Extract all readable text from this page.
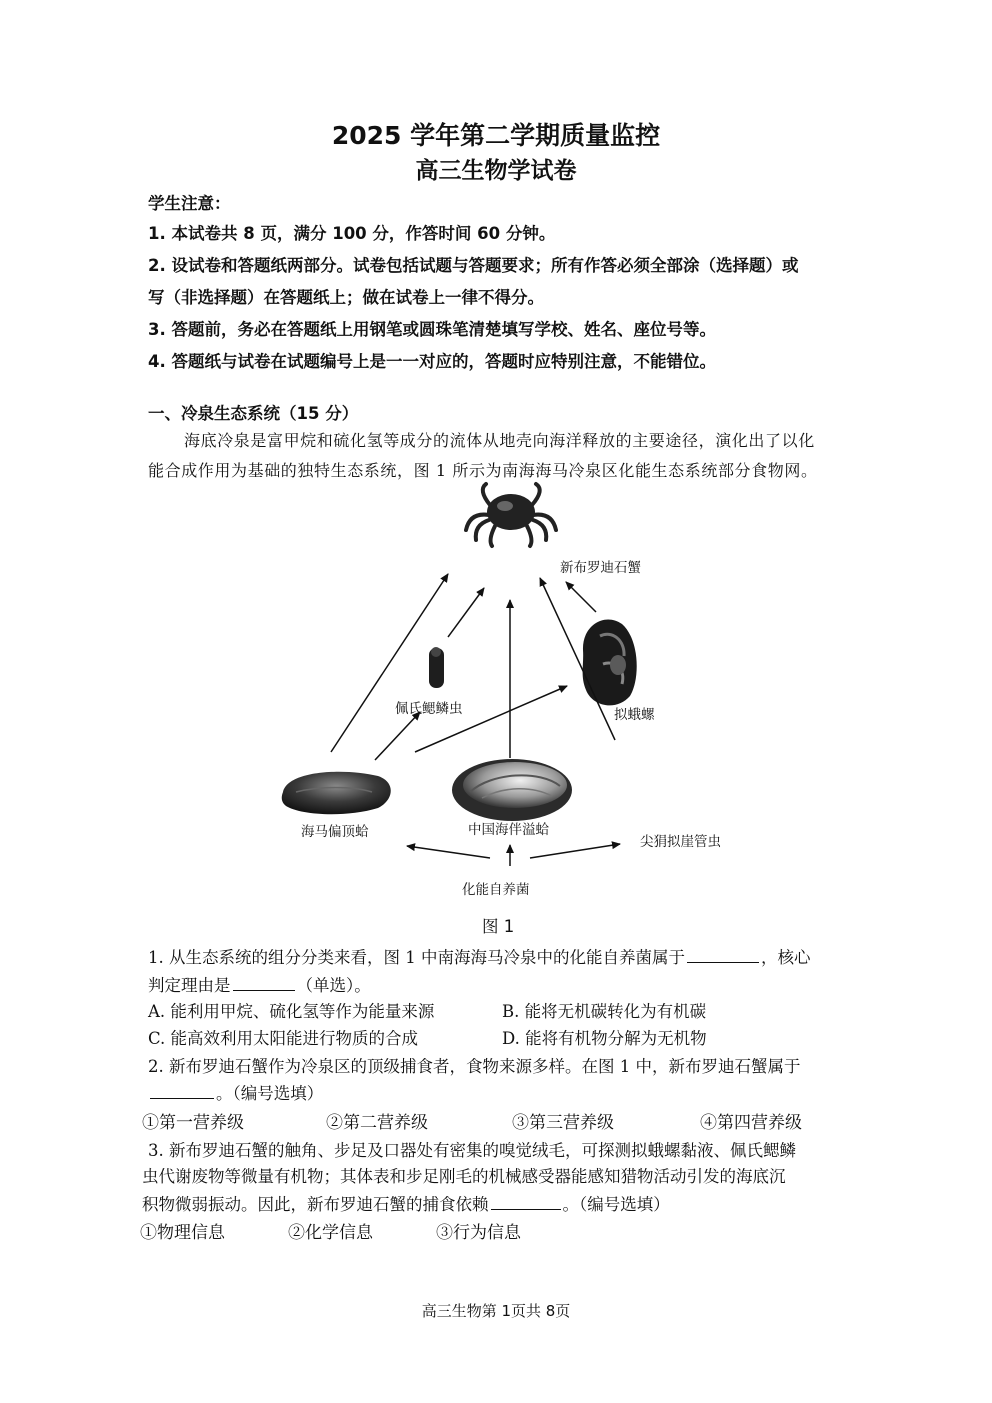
2025 学年第二学期质量监控
高三生物学试卷
学生注意：
1. 本试卷共 8 页，满分 100 分，作答时间 60 分钟。
2. 设试卷和答题纸两部分。试卷包括试题与答题要求；所有作答必须全部涂（选择题）或
写（非选择题）在答题纸上；做在试卷上一律不得分。
3. 答题前，务必在答题纸上用钢笔或圆珠笔清楚填写学校、姓名、座位号等。
4. 答题纸与试卷在试题编号上是一一对应的，答题时应特别注意，不能错位。
一、冷泉生态系统（15 分）
海底冷泉是富甲烷和硫化氢等成分的流体从地壳向海洋释放的主要途径，演化出了以化
能合成作用为基础的独特生态系统，图 1 所示为南海海马冷泉区化能生态系统部分食物网。
新布罗迪石蟹
佩氏鳃鳞虫	拟蛾螺
海马偏顶蛤	中国海伴溢蛤
尖狷拟崖管虫
化能自养菌
图 1
1. 从生态系统的组分分类来看，图 1 中南海海马冷泉中的化能自养菌属于	，核心
判定理由是	（单选）。
A. 能利用甲烷、硫化氢等作为能量来源	B. 能将无机碳转化为有机碳
C. 能高效利用太阳能进行物质的合成	D. 能将有机物分解为无机物
2. 新布罗迪石蟹作为冷泉区的顶级捕食者，食物来源多样。在图 1 中，新布罗迪石蟹属于
。（编号选填）
①第一营养级	②第二营养级	③第三营养级	④第四营养级
3. 新布罗迪石蟹的触角、步足及口器处有密集的嗅觉绒毛，可探测拟蛾螺黏液、佩氏鳃鳞
虫代谢废物等微量有机物；其体表和步足刚毛的机械感受器能感知猎物活动引发的海底沉
积物微弱振动。因此，新布罗迪石蟹的捕食依赖	。（编号选填）
①物理信息	②化学信息	③行为信息
高三生物第 1页共 8页
